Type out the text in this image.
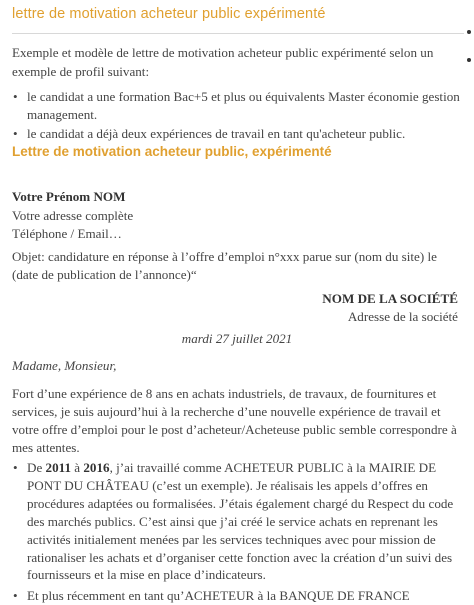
lettre de motivation acheteur public expérimenté

Exemple et modèle de lettre de motivation acheteur public expérimenté selon un exemple de profil suivant:

• le candidat a une formation Bac+5 et plus ou équivalents Master économie gestion management.
• le candidat a déjà deux expériences de travail en tant qu'acheteur public.
Lettre de motivation acheteur public, expérimenté
Votre Prénom NOM
Votre adresse complète
Téléphone / Email…

Objet: candidature en réponse à l’offre d’emploi n°xxx parue sur (nom du site) le (date de publication de l’annonce)“

NOM DE LA SOCIÉTÉ
Adresse de la société
mardi 27 juillet 2021
Madame, Monsieur,

Fort d’une expérience de 8 ans en achats industriels, de travaux, de fournitures et services, je suis aujourd’hui à la recherche d’une nouvelle expérience de travail et votre offre d’emploi pour le post d’acheteur/Acheteuse public semble correspondre à mes attentes.

• De 2011 à 2016, j’ai travaillé comme ACHETEUR PUBLIC à la MAIRIE DE PONT DU CHÂTEAU (c’est un exemple). Je réalisais les appels d’offres en procédures adaptées ou formalisées. J’étais également chargé du Respect du code des marchés publics. C’est ainsi que j’ai créé le service achats en reprenant les activités initialement menées par les services techniques avec pour mission de rationaliser les achats et d’organiser cette fonction avec la création d’un suivi des fournisseurs et la mise en place d’indicateurs.
• Et plus récemment en tant qu’ACHETEUR à la BANQUE DE FRANCE
